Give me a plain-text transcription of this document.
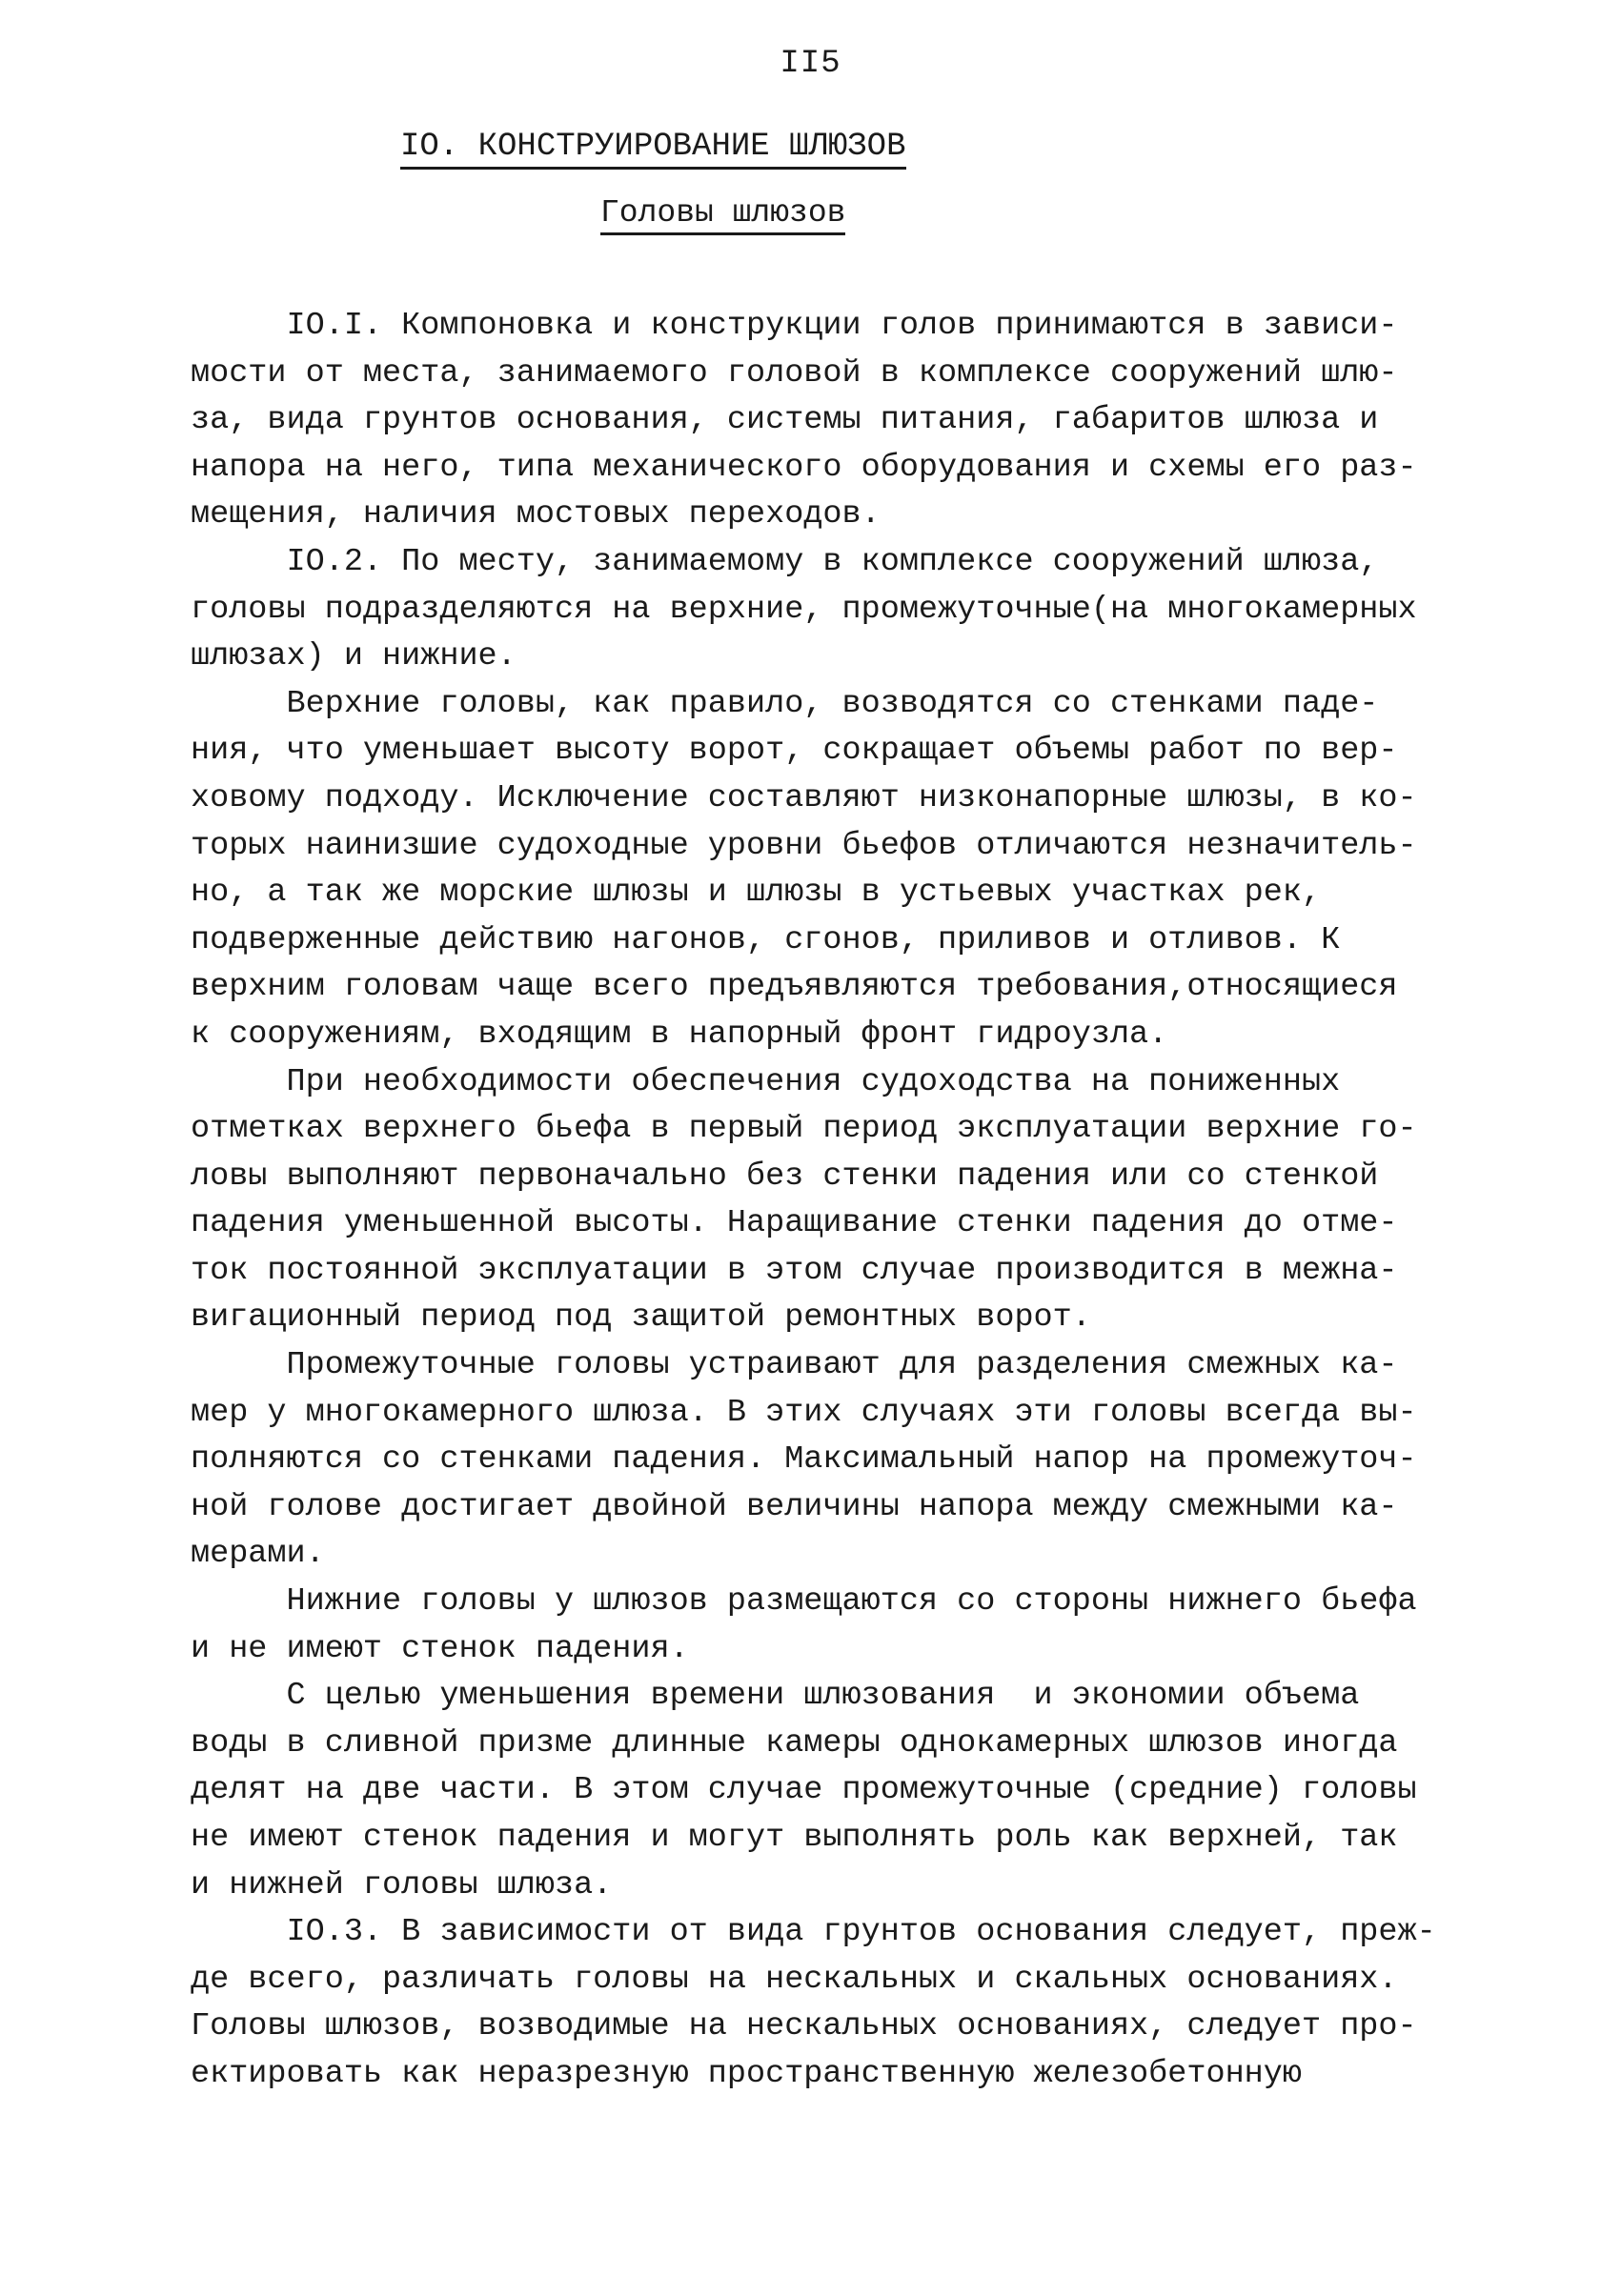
II5
IO. КОНСТРУИРОВАНИЕ ШЛЮЗОВ
Головы шлюзов

IO.I. Компоновка и конструкции голов принимаются в зависи-

мости от места, занимаемого головой в комплексе сооружений шлю-

за, вида грунтов основания, системы питания, габаритов шлюза и

напора на него, типа механического оборудования и схемы его раз-

мещения, наличия мостовых переходов.

IO.2. По месту, занимаемому в комплексе сооружений шлюза,

головы подразделяются на верхние, промежуточные(на многокамерных

шлюзах) и нижние.

Верхние головы, как правило, возводятся со стенками паде-

ния, что уменьшает высоту ворот, сокращает объемы работ по вер-

ховому подходу. Исключение составляют низконапорные шлюзы, в ко-

торых наинизшие судоходные уровни бьефов отличаются незначитель-

но, а так же морские шлюзы и шлюзы в устьевых участках рек,

подверженные действию нагонов, сгонов, приливов и отливов. К

верхним головам чаще всего предъявляются требования,относящиеся

к сооружениям, входящим в напорный фронт гидроузла.

При необходимости обеспечения судоходства на пониженных

отметках верхнего бьефа в первый период эксплуатации верхние го-

ловы выполняют первоначально без стенки падения или со стенкой

падения уменьшенной высоты. Наращивание стенки падения до отме-

ток постоянной эксплуатации в этом случае производится в межна-

вигационный период под защитой ремонтных ворот.

Промежуточные головы устраивают для разделения смежных ка-

мер у многокамерного шлюза. В этих случаях эти головы всегда вы-

полняются со стенками падения. Максимальный напор на промежуточ-

ной голове достигает двойной величины напора между смежными ка-

мерами.

Нижние головы у шлюзов размещаются со стороны нижнего бьефа

и не имеют стенок падения.

С целью уменьшения времени шлюзования  и экономии объема

воды в сливной призме длинные камеры однокамерных шлюзов иногда

делят на две части. В этом случае промежуточные (средние) головы

не имеют стенок падения и могут выполнять роль как верхней, так

и нижней головы шлюза.

IO.3. В зависимости от вида грунтов основания следует, преж-

де всего, различать головы на нескальных и скальных основаниях.

Головы шлюзов, возводимые на нескальных основаниях, следует про-

ектировать как неразрезную пространственную железобетонную
